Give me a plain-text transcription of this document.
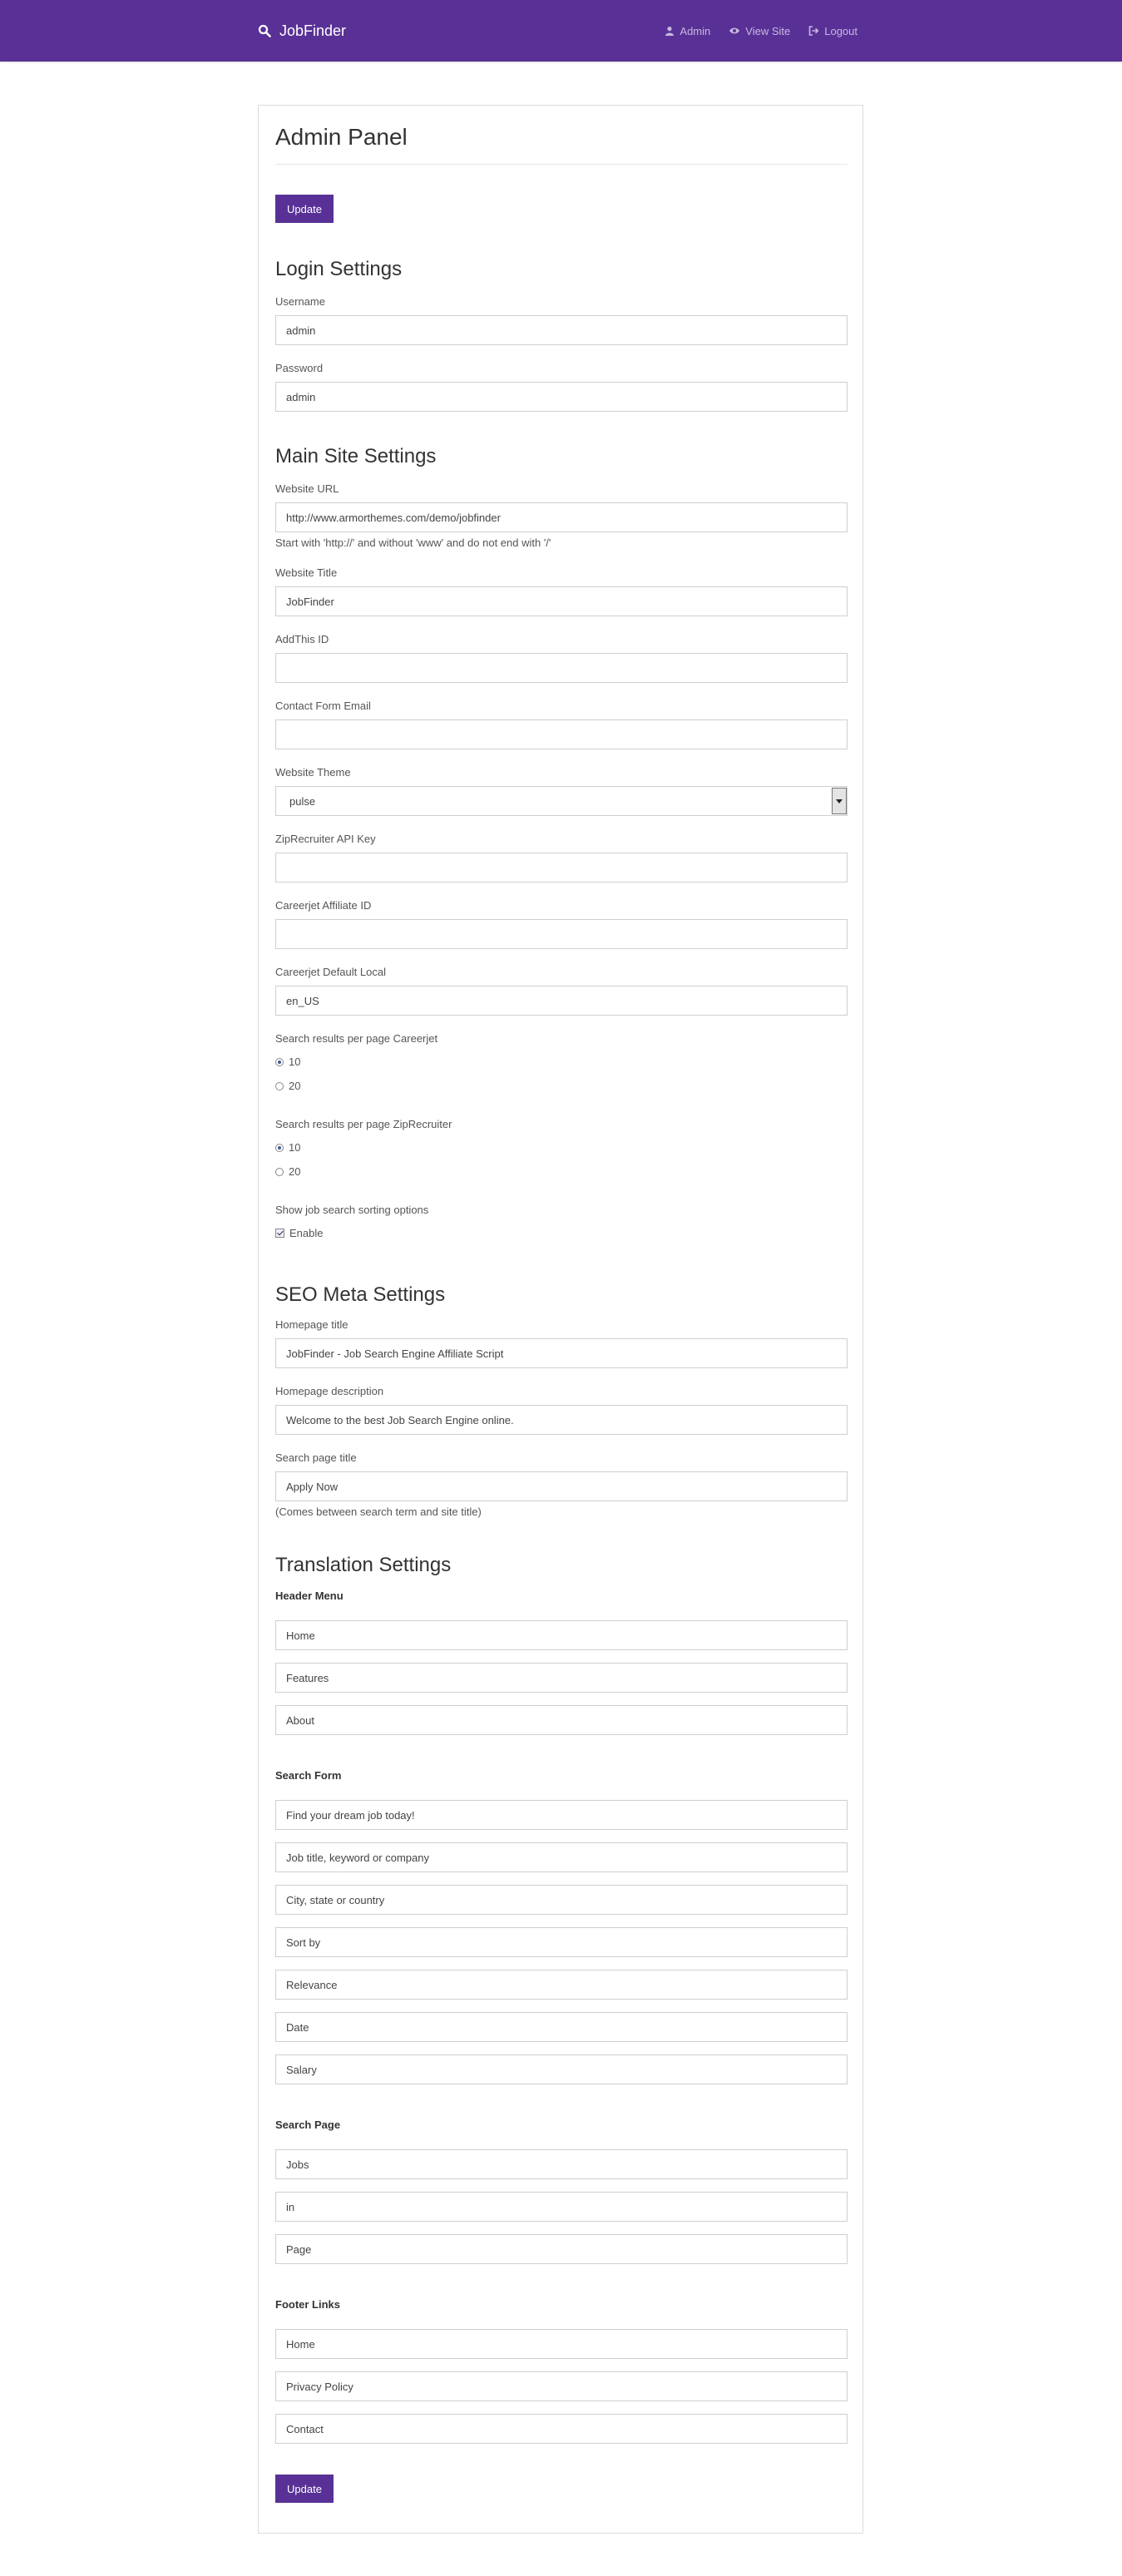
JobFinder	Admin	View Site	Logout
Admin Panel
Update
Login Settings
Username
admin
Password
admin
Main Site Settings
Website URL
http://www.armorthemes.com/demo/jobfinder
Start with 'http://' and without 'www' and do not end with '/'
Website Title
JobFinder
AddThis ID
Contact Form Email
Website Theme
pulse
ZipRecruiter API Key
Careerjet Affiliate ID
Careerjet Default Local
en_US
Search results per page Careerjet
10
20
Search results per page ZipRecruiter
10
20
Show job search sorting options
Enable
SEO Meta Settings
Homepage title
JobFinder - Job Search Engine Affiliate Script
Homepage description
Welcome to the best Job Search Engine online.
Search page title
Apply Now
(Comes between search term and site title)
Translation Settings
Header Menu
Home
Features
About
Search Form
Find your dream job today!
Job title, keyword or company
City, state or country
Sort by
Relevance
Date
Salary
Search Page
Jobs
in
Page
Footer Links
Home
Privacy Policy
Contact
Update
